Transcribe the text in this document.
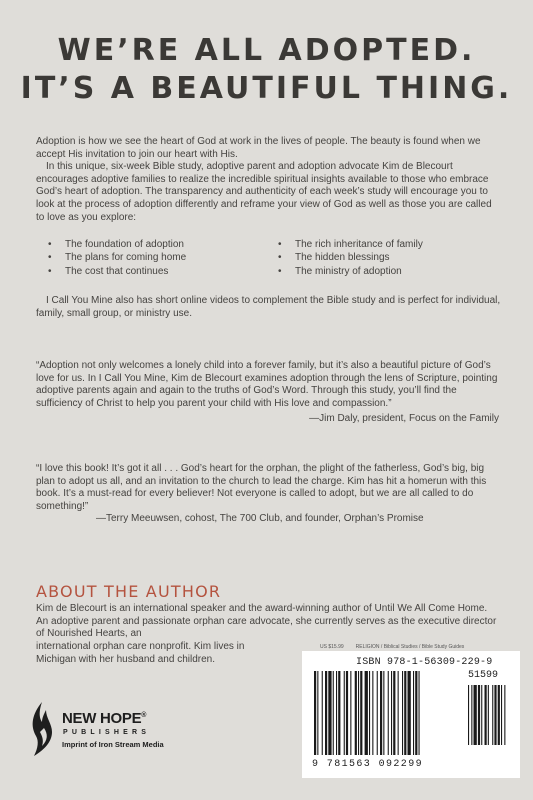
WE’RE ALL ADOPTED.
IT’S A BEAUTIFUL THING.

Adoption is how we see the heart of God at work in the lives of people. The beauty is found when we accept His invitation to join our heart with His.

In this unique, six-week Bible study, adoptive parent and adoption advocate Kim de Blecourt encourages adoptive families to realize the incredible spiritual insights available to those who embrace God’s heart of adoption. The transparency and authenticity of each week’s study will encourage you to look at the process of adoption differently and reframe your view of God as well as those you are called to love as you explore:

• The foundation of adoption	• The rich inheritance of family
• The plans for coming home	• The hidden blessings
• The cost that continues	• The ministry of adoption

I Call You Mine also has short online videos to complement the Bible study and is perfect for individual, family, small group, or ministry use.

“Adoption not only welcomes a lonely child into a forever family, but it’s also a beautiful picture of God’s love for us. In I Call You Mine, Kim de Blecourt examines adoption through the lens of Scripture, pointing adoptive parents again and again to the truths of God’s Word. Through this study, you’ll find the sufficiency of Christ to help you parent your child with His love and compassion.”

—Jim Daly, president, Focus on the Family

“I love this book! It’s got it all . . . God’s heart for the orphan, the plight of the fatherless, God’s big, big plan to adopt us all, and an invitation to the church to lead the charge. Kim has hit a homerun with this book. It’s a must-read for every believer! Not everyone is called to adopt, but we are all called to do something!”

—Terry Meeuwsen, cohost, The 700 Club, and founder, Orphan’s Promise

ABOUT THE AUTHOR

Kim de Blecourt is an international speaker and the award-winning author of Until We All Come Home. An adoptive parent and passionate orphan care advocate, she currently serves as the executive director of Nourished Hearts, an

international orphan care nonprofit. Kim lives in Michigan with her husband and children.

NEW HOPE®
PUBLISHERS
Imprint of Iron Stream Media
US $15.99 RELIGION / Biblical Studies / Bible Study Guides
ISBN 978-1-56309-229-9
51599
9 781563 092299
